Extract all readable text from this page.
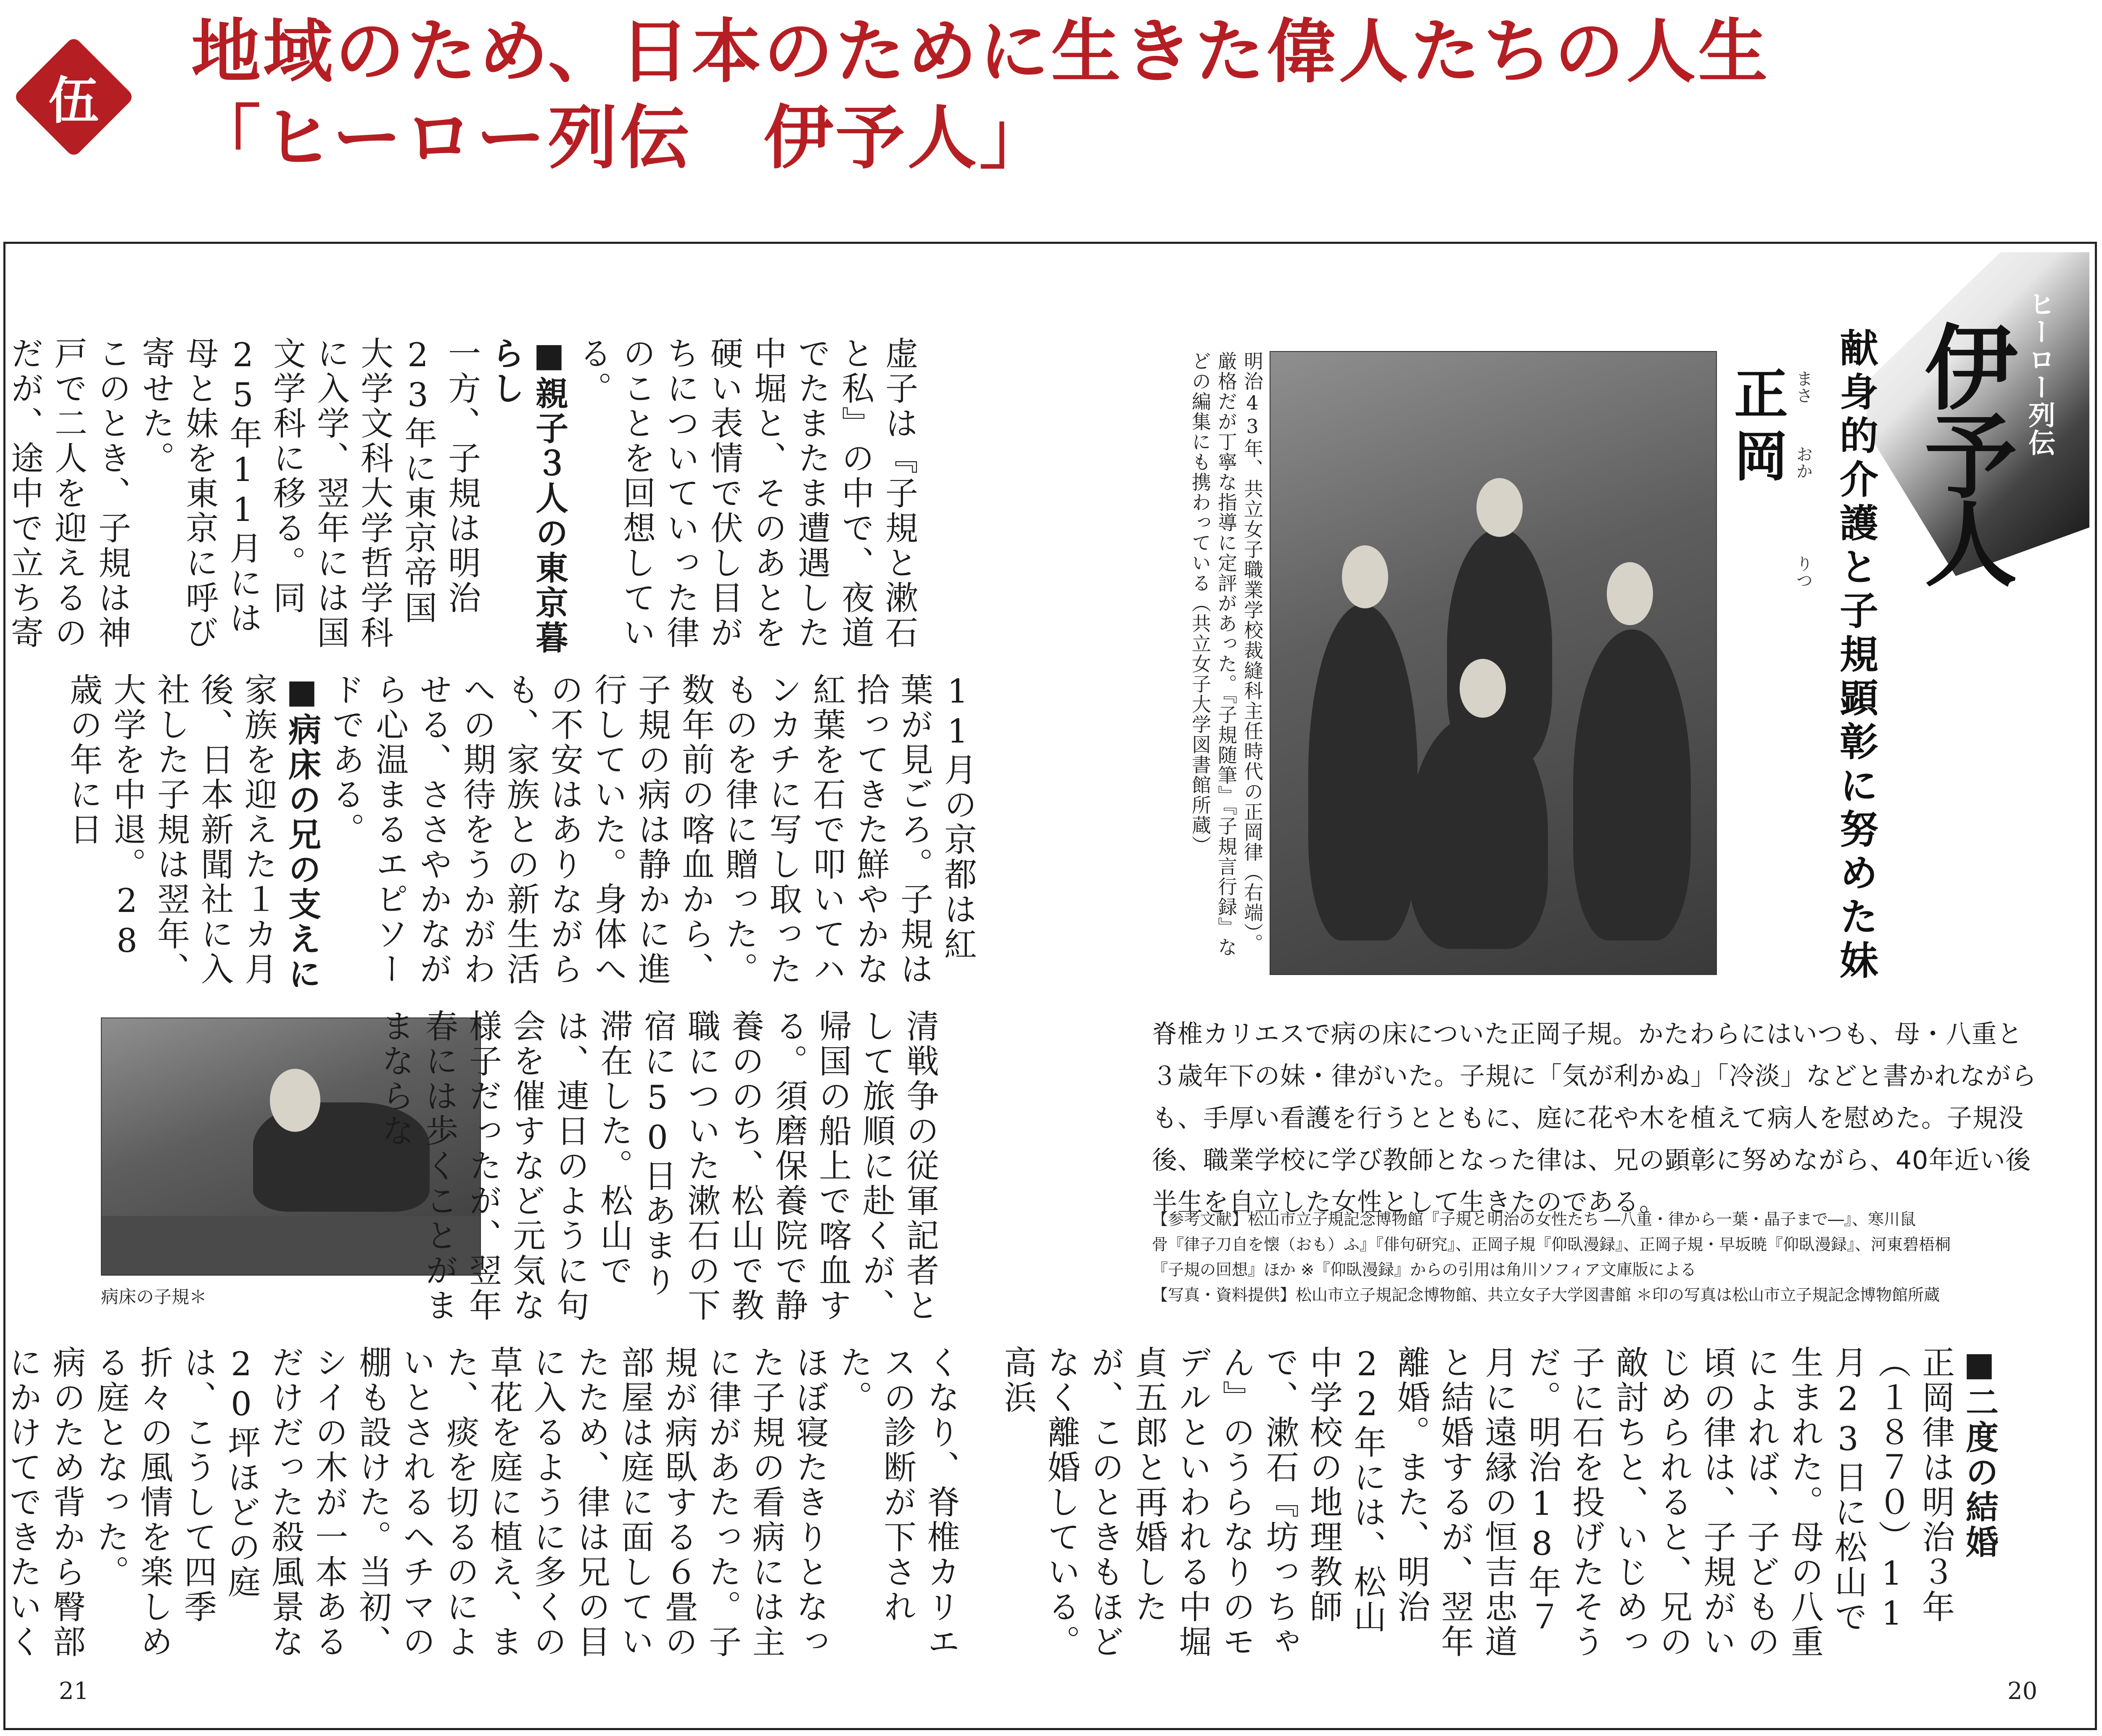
伍
地域のため、日本のために生きた偉人たちの人生
「ヒーロー列伝　伊予人」
ヒーロー列伝
伊予人
献身的介護と子規顕彰に努めた妹
まさ
おか
りつ
正岡　
明治43年、共立女子職業学校裁縫科主任時代の正岡律（右端）。厳格だが丁寧な指導に定評があった。『子規随筆』『子規言行録』などの編集にも携わっている（共立女子大学図書館所蔵）
脊椎カリエスで病の床についた正岡子規。かたわらにはいつも、母・八重と３歳年下の妹・律がいた。子規に「気が利かぬ」「冷淡」などと書かれながらも、手厚い看護を行うとともに、庭に花や木を植えて病人を慰めた。子規没後、職業学校に学び教師となった律は、兄の顕彰に努めながら、40年近い後半生を自立した女性として生きたのである。
【参考文献】松山市立子規記念博物館『子規と明治の女性たち ―八重・律から一葉・晶子まで―』、寒川鼠
骨『律子刀自を懐（おも）ふ』『俳句研究』、正岡子規『仰臥漫録』、正岡子規・早坂暁『仰臥漫録』、河東碧梧桐
『子規の回想』ほか ※『仰臥漫録』からの引用は角川ソフィア文庫版による
【写真・資料提供】松山市立子規記念博物館、共立女子大学図書館 ＊印の写真は松山市立子規記念博物館所蔵

■二度の結婚

正岡律は明治３年（１８７０）11月23日に松山で生まれた。母の八重によれば、子どもの頃の律は、子規がいじめられると、兄の敵討ちと、いじめっ子に石を投げたそうだ。明治18年７月に遠縁の恒吉忠道と結婚するが、翌年離婚。また、明治22年には、松山中学校の地理教師で、漱石『坊っちゃん』のうらなりのモデルといわれる中堀貞五郎と再婚したが、このときもほどなく離婚している。高浜

虚子は『子規と漱石と私』の中で、夜道でたまたま遭遇した中堀と、そのあとを硬い表情で伏し目がちについていった律のことを回想している。

■親子３人の東京暮らし

一方、子規は明治23年に東京帝国大学文科大学哲学科に入学、翌年には国文学科に移る。同25年11月には母と妹を東京に呼び寄せた。

このとき、子規は神戸で二人を迎えるのだが、途中で立ち寄

11月の京都は紅葉が見ごろ。子規は拾ってきた鮮やかな紅葉を石で叩いてハンカチに写し取ったものを律に贈った。

数年前の喀血から、子規の病は静かに進行していた。身体への不安はありながらも、家族との新生活への期待をうかがわせる、ささやかながら心温まるエピソードである。

■病床の兄の支えに

家族を迎えた１カ月後、日本新聞社に入社した子規は翌年、大学を中退。28歳の年に日

病床の子規＊	清戦争の従軍記者として旅順に赴くが、帰国の船上で喀血する。須磨保養院で静養ののち、松山で教職についた漱石の下宿に50日あまり滞在した。松山では、連日のように句会を催すなど元気な様子だったが、翌年春には歩くことがままならな

くなり、脊椎カリエスの診断が下された。

ほぼ寝たきりとなった子規の看病には主に律があたった。子規が病臥する６畳の部屋は庭に面していたため、律は兄の目に入るように多くの草花を庭に植え、また、痰を切るのによいとされるヘチマの棚も設けた。当初、シイの木が一本あるだけだった殺風景な20坪ほどの庭は、こうして四季折々の風情を楽しめる庭となった。

病のため背から臀部にかけてできたいく

21	20
